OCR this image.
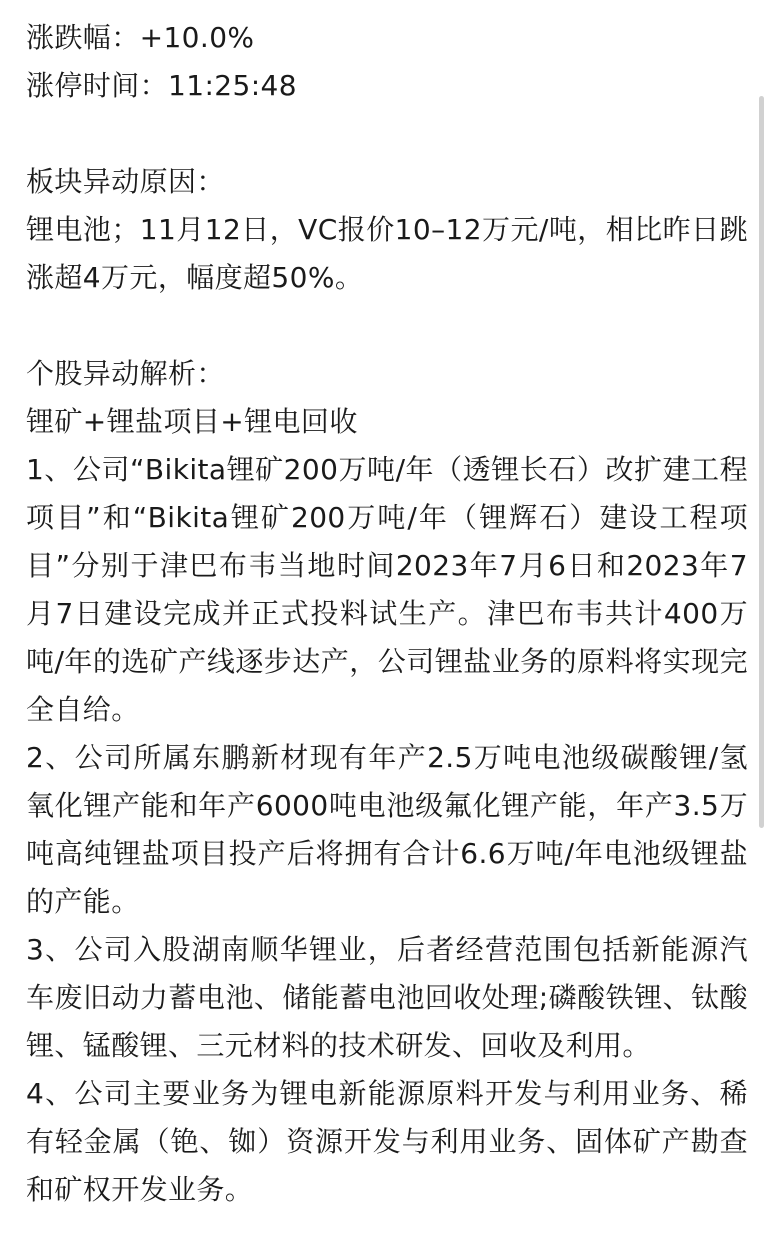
涨跌幅：+10.0%
涨停时间：11:25:48
板块异动原因：
锂电池；11月12日，VC报价10–12万元/吨，相比昨日跳涨超4万元，幅度超50%。
个股异动解析：
锂矿+锂盐项目+锂电回收
1、公司“Bikita锂矿200万吨/年（透锂长石）改扩建工程项目”和“Bikita锂矿200万吨/年（锂辉石）建设工程项目”分别于津巴布韦当地时间2023年7月6日和2023年7月7日建设完成并正式投料试生产。津巴布韦共计400万吨/年的选矿产线逐步达产，公司锂盐业务的原料将实现完全自给。
2、公司所属东鹏新材现有年产2.5万吨电池级碳酸锂/氢氧化锂产能和年产6000吨电池级氟化锂产能，年产3.5万吨高纯锂盐项目投产后将拥有合计6.6万吨/年电池级锂盐的产能。
3、公司入股湖南顺华锂业，后者经营范围包括新能源汽车废旧动力蓄电池、储能蓄电池回收处理;磷酸铁锂、钛酸锂、锰酸锂、三元材料的技术研发、回收及利用。
4、公司主要业务为锂电新能源原料开发与利用业务、稀有轻金属（铯、铷）资源开发与利用业务、固体矿产勘查和矿权开发业务。
